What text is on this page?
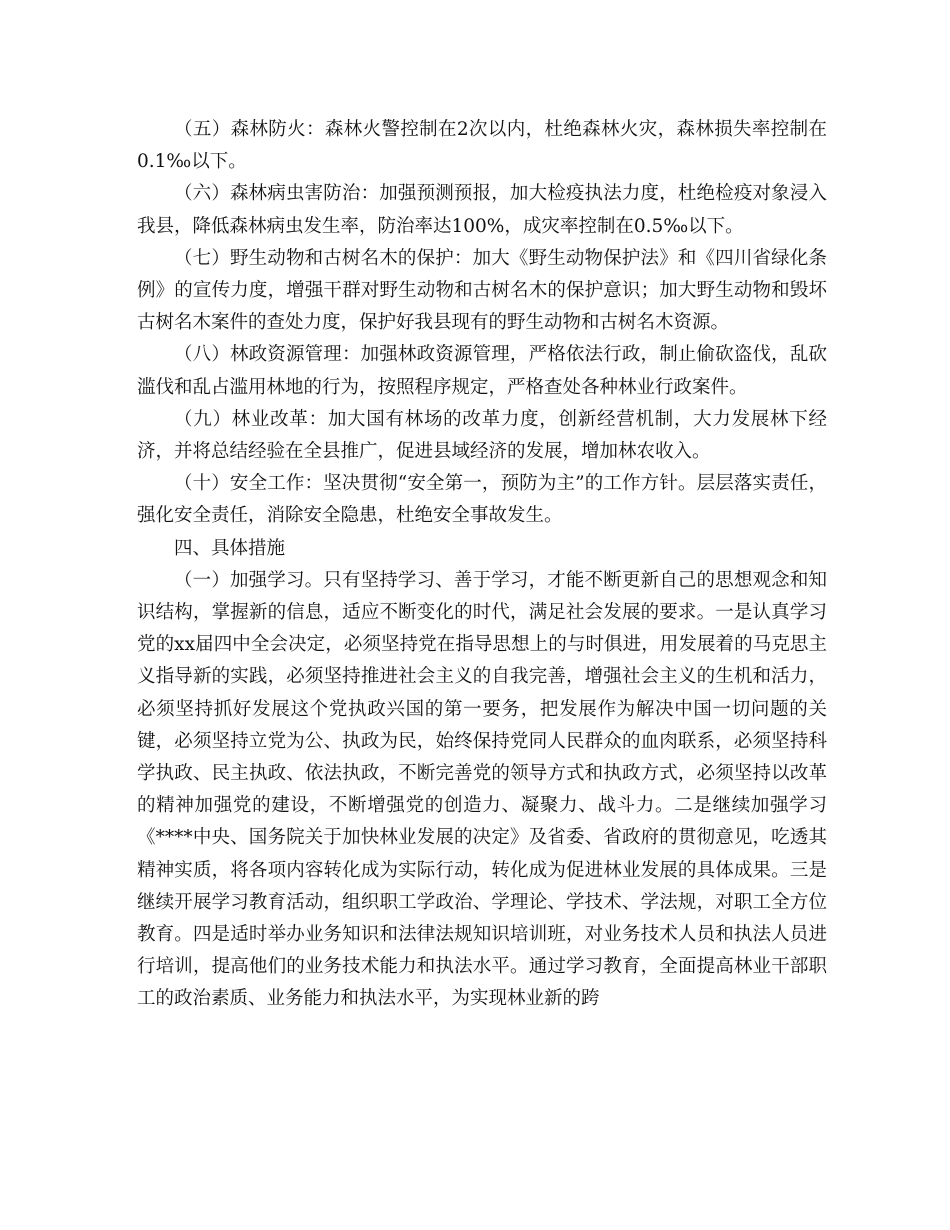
（五）森林防火：森林火警控制在2次以内，杜绝森林火灾，森林损失率控制在0.1‰以下。

（六）森林病虫害防治：加强预测预报，加大检疫执法力度，杜绝检疫对象浸入我县，降低森林病虫发生率，防治率达100%，成灾率控制在0.5‰以下。

（七）野生动物和古树名木的保护：加大《野生动物保护法》和《四川省绿化条例》的宣传力度，增强干群对野生动物和古树名木的保护意识；加大野生动物和毁坏古树名木案件的查处力度，保护好我县现有的野生动物和古树名木资源。

（八）林政资源管理：加强林政资源管理，严格依法行政，制止偷砍盗伐，乱砍滥伐和乱占滥用林地的行为，按照程序规定，严格查处各种林业行政案件。

（九）林业改革：加大国有林场的改革力度，创新经营机制，大力发展林下经济，并将总结经验在全县推广，促进县域经济的发展，增加林农收入。

（十）安全工作：坚决贯彻“安全第一，预防为主”的工作方针。层层落实责任，强化安全责任，消除安全隐患，杜绝安全事故发生。

四、具体措施

（一）加强学习。只有坚持学习、善于学习，才能不断更新自己的思想观念和知识结构，掌握新的信息，适应不断变化的时代，满足社会发展的要求。一是认真学习党的xx届四中全会决定，必须坚持党在指导思想上的与时俱进，用发展着的马克思主义指导新的实践，必须坚持推进社会主义的自我完善，增强社会主义的生机和活力，必须坚持抓好发展这个党执政兴国的第一要务，把发展作为解决中国一切问题的关键，必须坚持立党为公、执政为民，始终保持党同人民群众的血肉联系，必须坚持科学执政、民主执政、依法执政，不断完善党的领导方式和执政方式，必须坚持以改革的精神加强党的建设，不断增强党的创造力、凝聚力、战斗力。二是继续加强学习《****中央、国务院关于加快林业发展的决定》及省委、省政府的贯彻意见，吃透其精神实质，将各项内容转化成为实际行动，转化成为促进林业发展的具体成果。三是继续开展学习教育活动，组织职工学政治、学理论、学技术、学法规，对职工全方位教育。四是适时举办业务知识和法律法规知识培训班，对业务技术人员和执法人员进行培训，提高他们的业务技术能力和执法水平。通过学习教育，全面提高林业干部职工的政治素质、业务能力和执法水平，为实现林业新的跨
